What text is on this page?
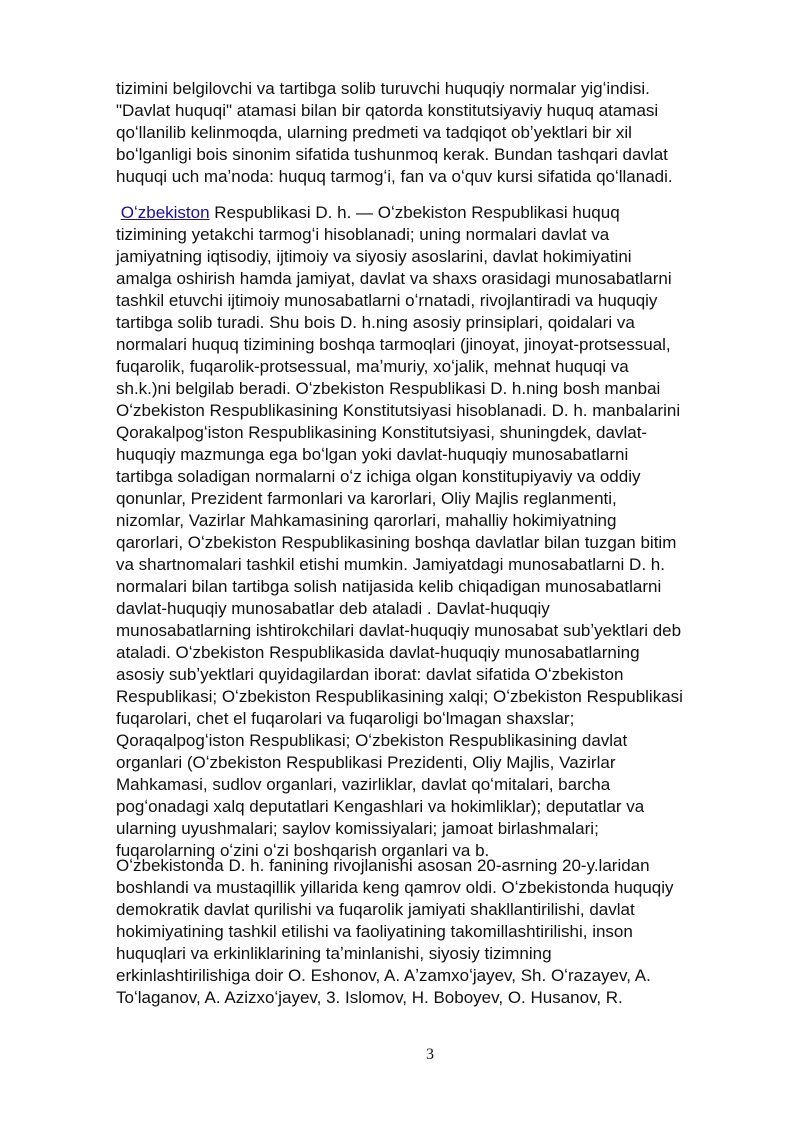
tizimini belgilovchi va tartibga solib turuvchi huquqiy normalar yigʻindisi.
"Davlat huquqi" atamasi bilan bir qatorda konstitutsiyaviy huquq atamasi
qoʻllanilib kelinmoqda, ularning predmeti va tadqiqot obʼyektlari bir xil
boʻlganligi bois sinonim sifatida tushunmoq kerak. Bundan tashqari davlat
huquqi uch maʼnoda: huquq tarmogʻi, fan va oʻquv kursi sifatida qoʻllanadi.
Oʻzbekiston Respublikasi D. h. — Oʻzbekiston Respublikasi huquq
tizimining yetakchi tarmogʻi hisoblanadi; uning normalari davlat va
jamiyatning iqtisodiy, ijtimoiy va siyosiy asoslarini, davlat hokimiyatini
amalga oshirish hamda jamiyat, davlat va shaxs orasidagi munosabatlarni
tashkil etuvchi ijtimoiy munosabatlarni oʻrnatadi, rivojlantiradi va huquqiy
tartibga solib turadi. Shu bois D. h.ning asosiy prinsiplari, qoidalari va
normalari huquq tizimining boshqa tarmoqlari (jinoyat, jinoyat-protsessual,
fuqarolik, fuqarolik-protsessual, maʼmuriy, xoʻjalik, mehnat huquqi va
sh.k.)ni belgilab beradi. Oʻzbekiston Respublikasi D. h.ning bosh manbai
Oʻzbekiston Respublikasining Konstitutsiyasi hisoblanadi. D. h. manbalarini
Qorakalpogʻiston Respublikasining Konstitutsiyasi, shuningdek, davlat-
huquqiy mazmunga ega boʻlgan yoki davlat-huquqiy munosabatlarni
tartibga soladigan normalarni oʻz ichiga olgan konstitupiyaviy va oddiy
qonunlar, Prezident farmonlari va karorlari, Oliy Majlis reglanmenti,
nizomlar, Vazirlar Mahkamasining qarorlari, mahalliy hokimiyatning
qarorlari, Oʻzbekiston Respublikasining boshqa davlatlar bilan tuzgan bitim
va shartnomalari tashkil etishi mumkin. Jamiyatdagi munosabatlarni D. h.
normalari bilan tartibga solish natijasida kelib chiqadigan munosabatlarni
davlat-huquqiy munosabatlar deb ataladi . Davlat-huquqiy
munosabatlarning ishtirokchilari davlat-huquqiy munosabat subʼyektlari deb
ataladi. Oʻzbekiston Respublikasida davlat-huquqiy munosabatlarning
asosiy subʼyektlari quyidagilardan iborat: davlat sifatida Oʻzbekiston
Respublikasi; Oʻzbekiston Respublikasining xalqi; Oʻzbekiston Respublikasi
fuqarolari, chet el fuqarolari va fuqaroligi boʻlmagan shaxslar;
Qoraqalpogʻiston Respublikasi; Oʻzbekiston Respublikasining davlat
organlari (Oʻzbekiston Respublikasi Prezidenti, Oliy Majlis, Vazirlar
Mahkamasi, sudlov organlari, vazirliklar, davlat qoʻmitalari, barcha
pogʻonadagi xalq deputatlari Kengashlari va hokimliklar); deputatlar va
ularning uyushmalari; saylov komissiyalari; jamoat birlashmalari;
fuqarolarning oʻzini oʻzi boshqarish organlari va b.
Oʻzbekistonda D. h. fanining rivojlanishi asosan 20-asrning 20-y.laridan
boshlandi va mustaqillik yillarida keng qamrov oldi. Oʻzbekistonda huquqiy
demokratik davlat qurilishi va fuqarolik jamiyati shakllantirilishi, davlat
hokimiyatining tashkil etilishi va faoliyatining takomillashtirilishi, inson
huquqlari va erkinliklarining taʼminlanishi, siyosiy tizimning
erkinlashtirilishiga doir O. Eshonov, A. Aʼzamxoʻjayev, Sh. Oʻrazayev, A.
Toʻlaganov, A. Azizxoʻjayev, 3. Islomov, H. Boboyev, O. Husanov, R.
3
